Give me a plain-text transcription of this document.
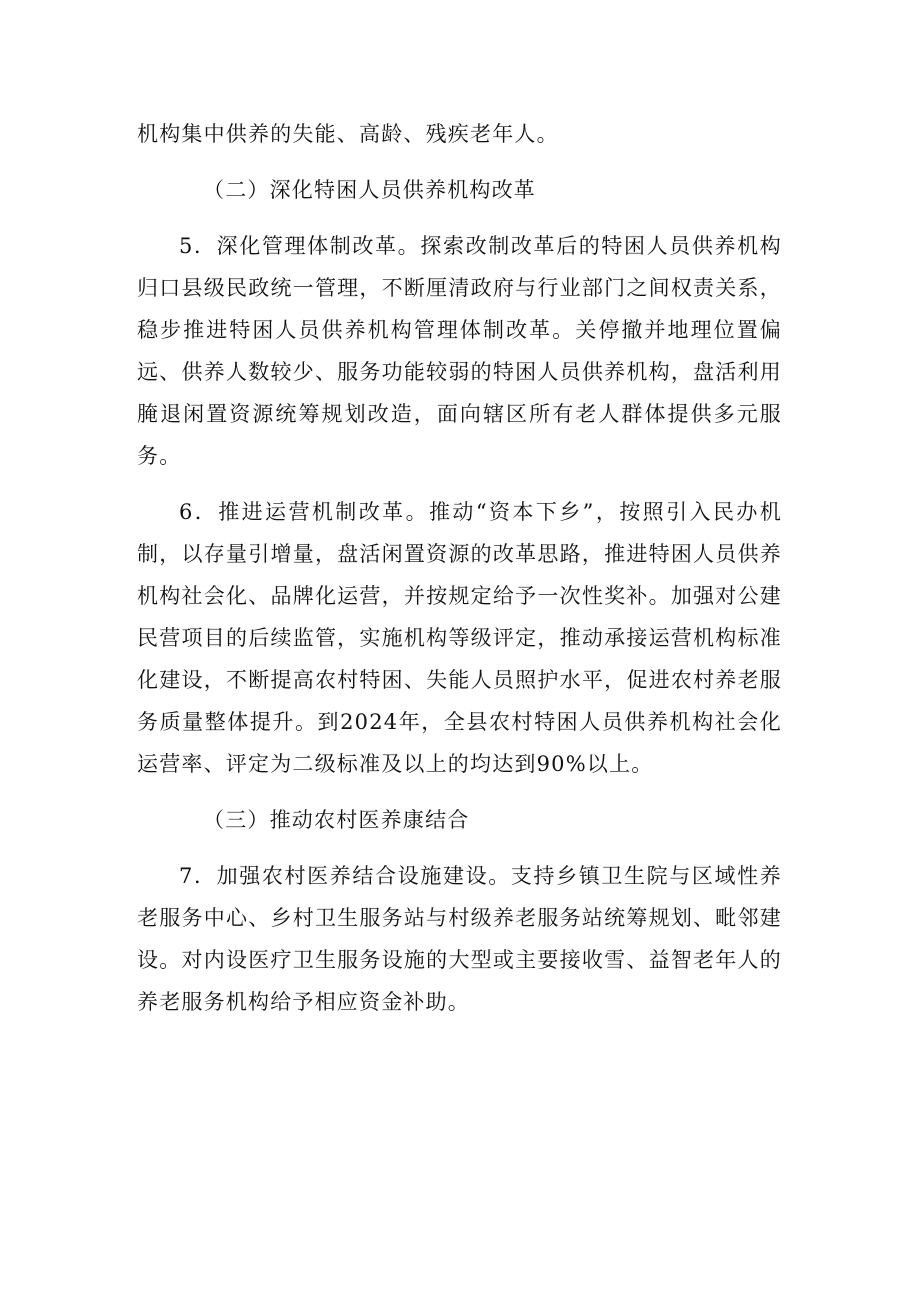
机构集中供养的失能、高龄、残疾老年人。

（二）深化特困人员供养机构改革

5．深化管理体制改革。探索改制改革后的特困人员供养机构归口县级民政统一管理，不断厘清政府与行业部门之间权责关系，稳步推进特困人员供养机构管理体制改革。关停撤并地理位置偏远、供养人数较少、服务功能较弱的特困人员供养机构，盘活利用腌退闲置资源统筹规划改造，面向辖区所有老人群体提供多元服务。

6．推进运营机制改革。推动“资本下乡”，按照引入民办机制，以存量引增量，盘活闲置资源的改革思路，推进特困人员供养机构社会化、品牌化运营，并按规定给予一次性奖补。加强对公建民营项目的后续监管，实施机构等级评定，推动承接运营机构标准化建设，不断提高农村特困、失能人员照护水平，促进农村养老服务质量整体提升。到2024年，全县农村特困人员供养机构社会化运营率、评定为二级标准及以上的均达到90%以上。

（三）推动农村医养康结合

7．加强农村医养结合设施建设。支持乡镇卫生院与区域性养老服务中心、乡村卫生服务站与村级养老服务站统筹规划、毗邻建设。对内设医疗卫生服务设施的大型或主要接收雪、益智老年人的养老服务机构给予相应资金补助。
